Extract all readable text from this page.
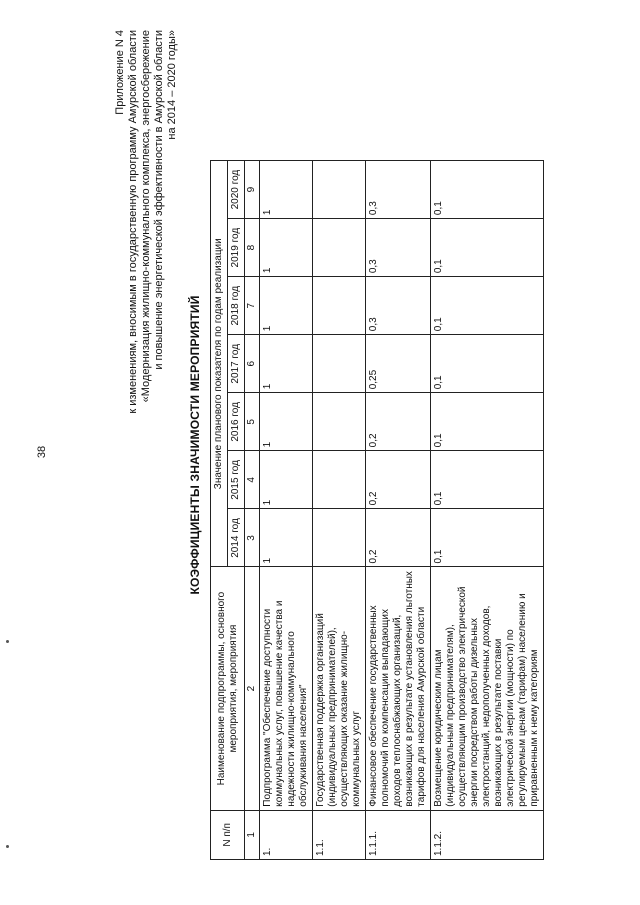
38
Приложение N 4 к изменениям, вносимым в государственную программу Амурской области «Модернизация жилищно-коммунального комплекса, энергосбережение и повышение энергетической эффективности в Амурской области на 2014 – 2020 годы»
КОЭФФИЦИЕНТЫ ЗНАЧИМОСТИ МЕРОПРИЯТИЙ
N п/п	Наименование подпрограммы, основного мероприятия, мероприятия	Значение планового показателя по годам реализации						
		2014 год	2015 год	2016 год	2017 год	2018 год	2019 год	2020 год
1	2	3	4	5	6	7	8	9
1.	Подпрограмма "Обеспечение доступности коммунальных услуг, повышение качества и надежности жилищно-коммунального обслуживания населения"	1	1	1	1	1	1	1
1.1.	Государственная поддержка организаций (индивидуальных предпринимателей), осуществляющих оказание жилищно-коммунальных услуг							
1.1.1.	Финансовое обеспечение государственных полномочий по компенсации выпадающих доходов теплоснабжающих организаций, возникающих в результате установления льготных тарифов для населения Амурской области	0,2	0,2	0,2	0,25	0,3	0,3	0,3
1.1.2.	Возмещение юридическим лицам (индивидуальным предпринимателям), осуществляющим производство электрической энергии посредством работы дизельных электростанций, недополученных доходов, возникающих в результате поставки электрической энергии (мощности) по регулируемым ценам (тарифам) населению и приравненным к нему категориям	0,1	0,1	0,1	0,1	0,1	0,1	0,1
